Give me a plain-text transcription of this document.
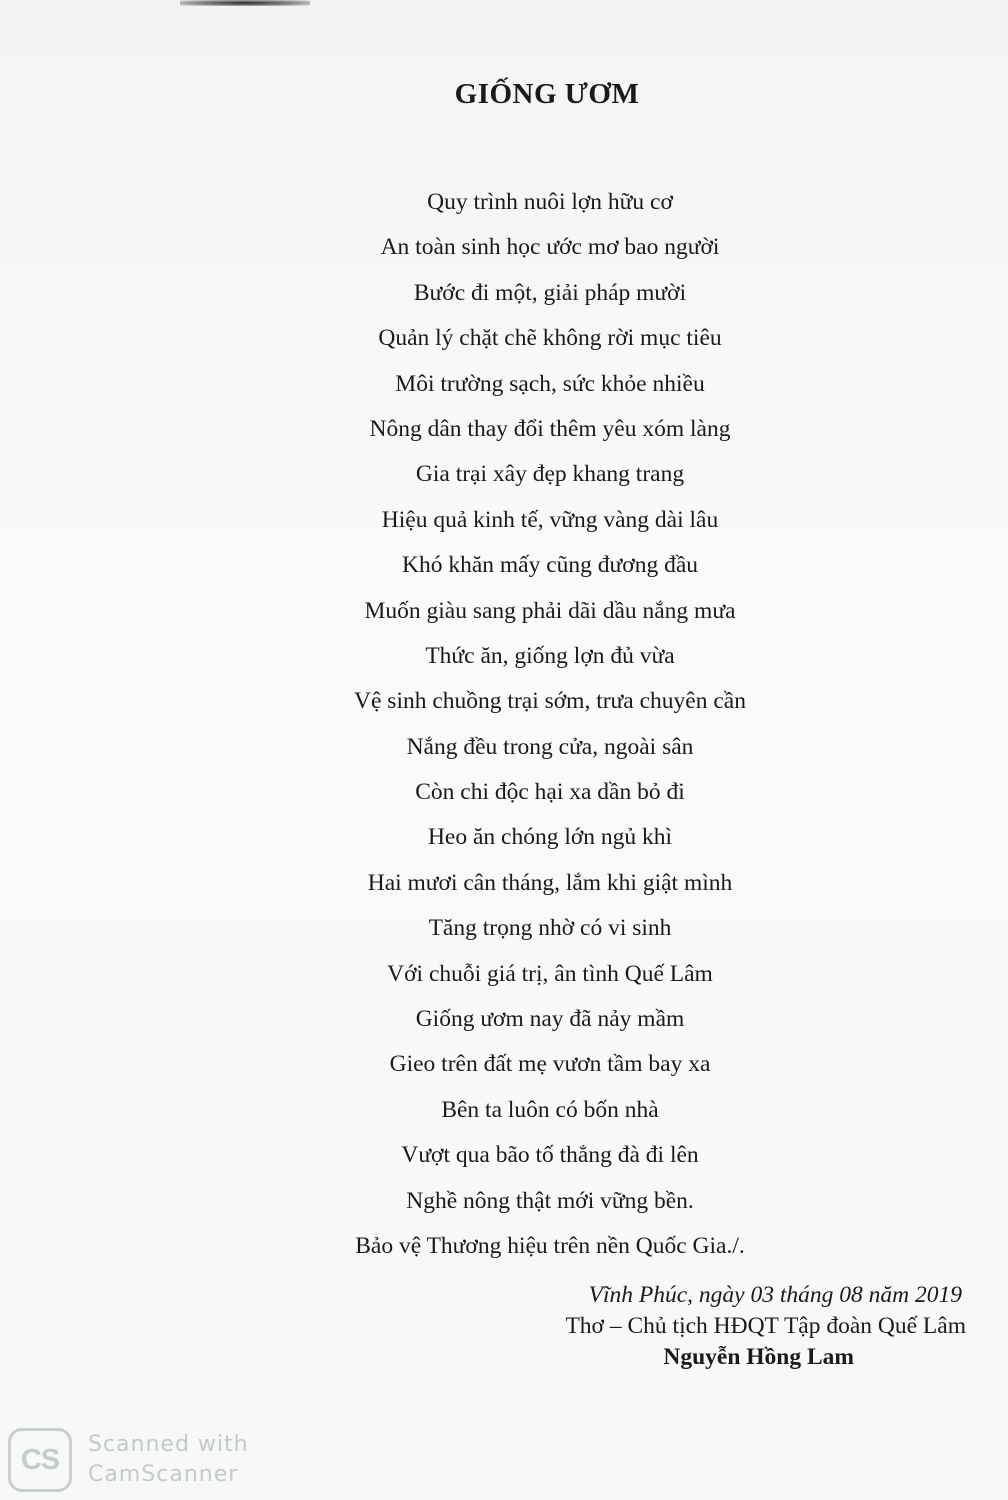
GIỐNG ƯƠM
Quy trình nuôi lợn hữu cơ
An toàn sinh học ước mơ bao người
Bước đi một, giải pháp mười
Quản lý chặt chẽ không rời mục tiêu
Môi trường sạch, sức khỏe nhiều
Nông dân thay đổi thêm yêu xóm làng
Gia trại xây đẹp khang trang
Hiệu quả kinh tế, vững vàng dài lâu
Khó khăn mấy cũng đương đầu
Muốn giàu sang phải dãi dầu nắng mưa
Thức ăn, giống lợn đủ vừa
Vệ sinh chuồng trại sớm, trưa chuyên cần
Nắng đều trong cửa, ngoài sân
Còn chi độc hại xa dần bỏ đi
Heo ăn chóng lớn ngủ khì
Hai mươi cân tháng, lắm khi giật mình
Tăng trọng nhờ có vi sinh
Với chuỗi giá trị, ân tình Quế Lâm
Giống ươm nay đã nảy mầm
Gieo trên đất mẹ vươn tầm bay xa
Bên ta luôn có bốn nhà
Vượt qua bão tố thẳng đà đi lên
Nghề nông thật mới vững bền.
Bảo vệ Thương hiệu trên nền Quốc Gia./.
Vĩnh Phúc, ngày 03 tháng 08 năm 2019
Thơ – Chủ tịch HĐQT Tập đoàn Quế Lâm
Nguyễn Hồng Lam
CS Scanned with
CamScanner
